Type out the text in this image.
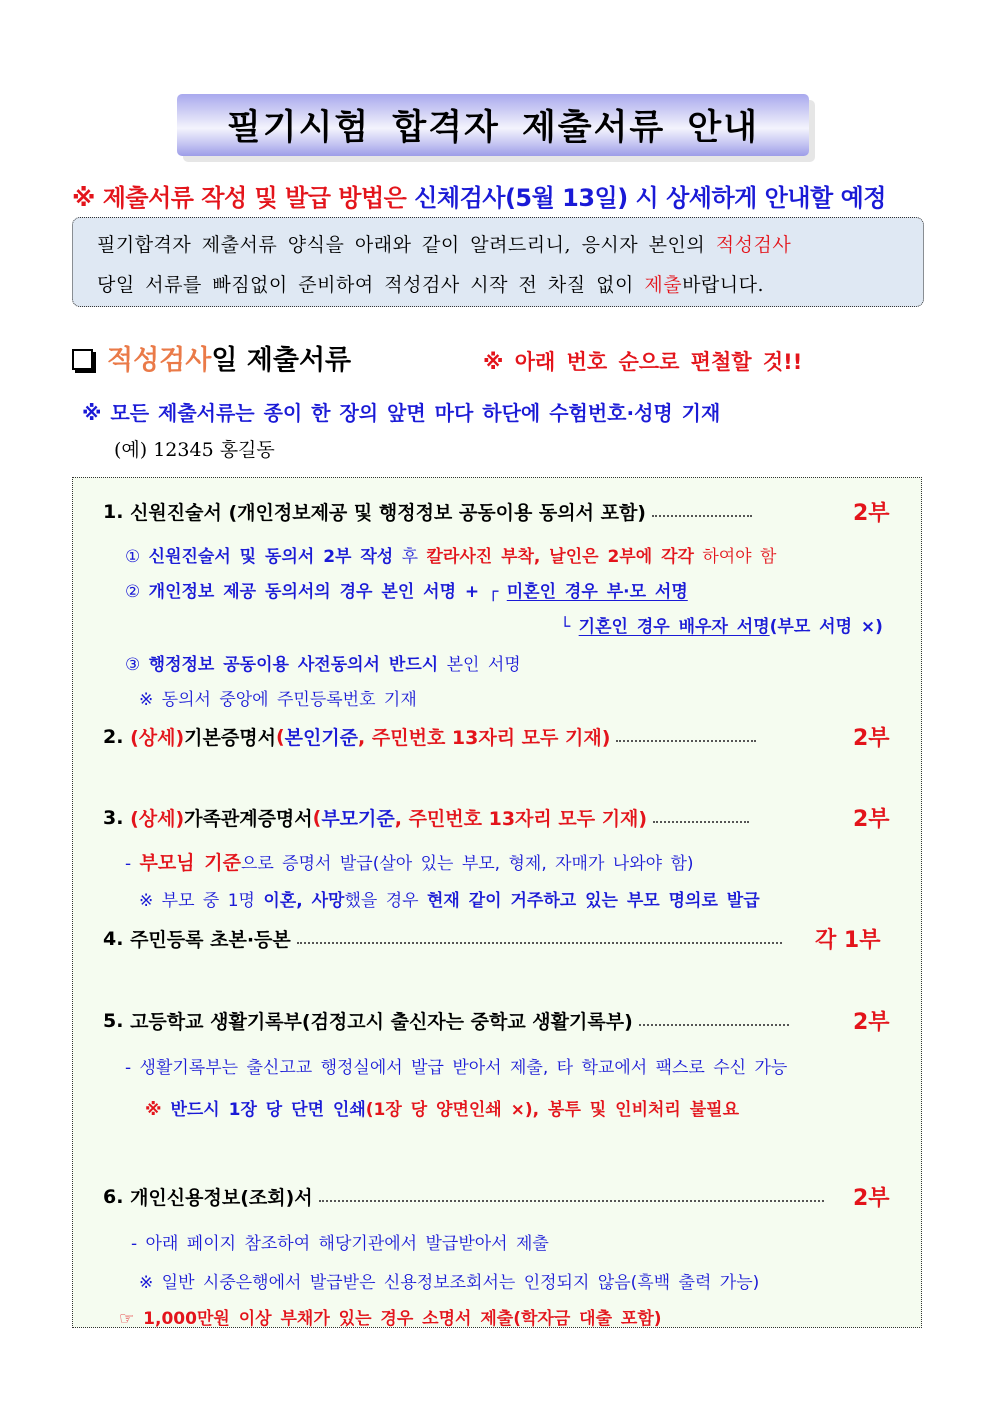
필기시험 합격자 제출서류 안내
※ 제출서류 작성 및 발급 방법은 신체검사(5월 13일) 시 상세하게 안내할 예정
필기합격자 제출서류 양식을 아래와 같이 알려드리니, 응시자 본인의 적성검사
당일 서류를 빠짐없이 준비하여 적성검사 시작 전 차질 없이 제출바랍니다.
적성검사 일 제출서류	※ 아래 번호 순으로 편철할 것!!
※ 모든 제출서류는 종이 한 장의 앞면 마다 하단에 수험번호·성명 기재
(예) 12345 홍길동
1.
신원진술서 (개인정보제공 및 행정정보 공동이용 동의서 포함)	2부
① 신원진술서 및 동의서 2부 작성 후 칼라사진 부착, 날인은 2부에 각각 하여야 함
② 개인정보 제공 동의서의 경우 본인 서명 + ┌ 미혼인 경우 부·모 서명
└ 기혼인 경우 배우자 서명(부모 서명 ×)
③ 행정정보 공동이용 사전동의서 반드시 본인 서명
※ 동의서 중앙에 주민등록번호 기재
2.
(상세) 기본증명서 ( 본인기준 , 주민번호 13자리 모두 기재)	2부
3.
(상세) 가족관계증명서 ( 부모기준 , 주민번호 13자리 모두 기재)	2부
- 부모님 기준으로 증명서 발급(살아 있는 부모, 형제, 자매가 나와야 함)
※ 부모 중 1명 이혼, 사망했을 경우 현재 같이 거주하고 있는 부모 명의로 발급
4.
주민등록 초본·등본	각 1부
5.
고등학교 생활기록부(검정고시 출신자는 중학교 생활기록부)	2부
- 생활기록부는 출신고교 행정실에서 발급 받아서 제출, 타 학교에서 팩스로 수신 가능
※ 반드시 1장 당 단면 인쇄(1장 당 양면인쇄 ×), 봉투 및 인비처리 불필요
6.
개인신용정보(조회)서	2부
- 아래 페이지 참조하여 해당기관에서 발급받아서 제출
※ 일반 시중은행에서 발급받은 신용정보조회서는 인정되지 않음(흑백 출력 가능)
☞ 1,000만원 이상 부채가 있는 경우 소명서 제출(학자금 대출 포함)
